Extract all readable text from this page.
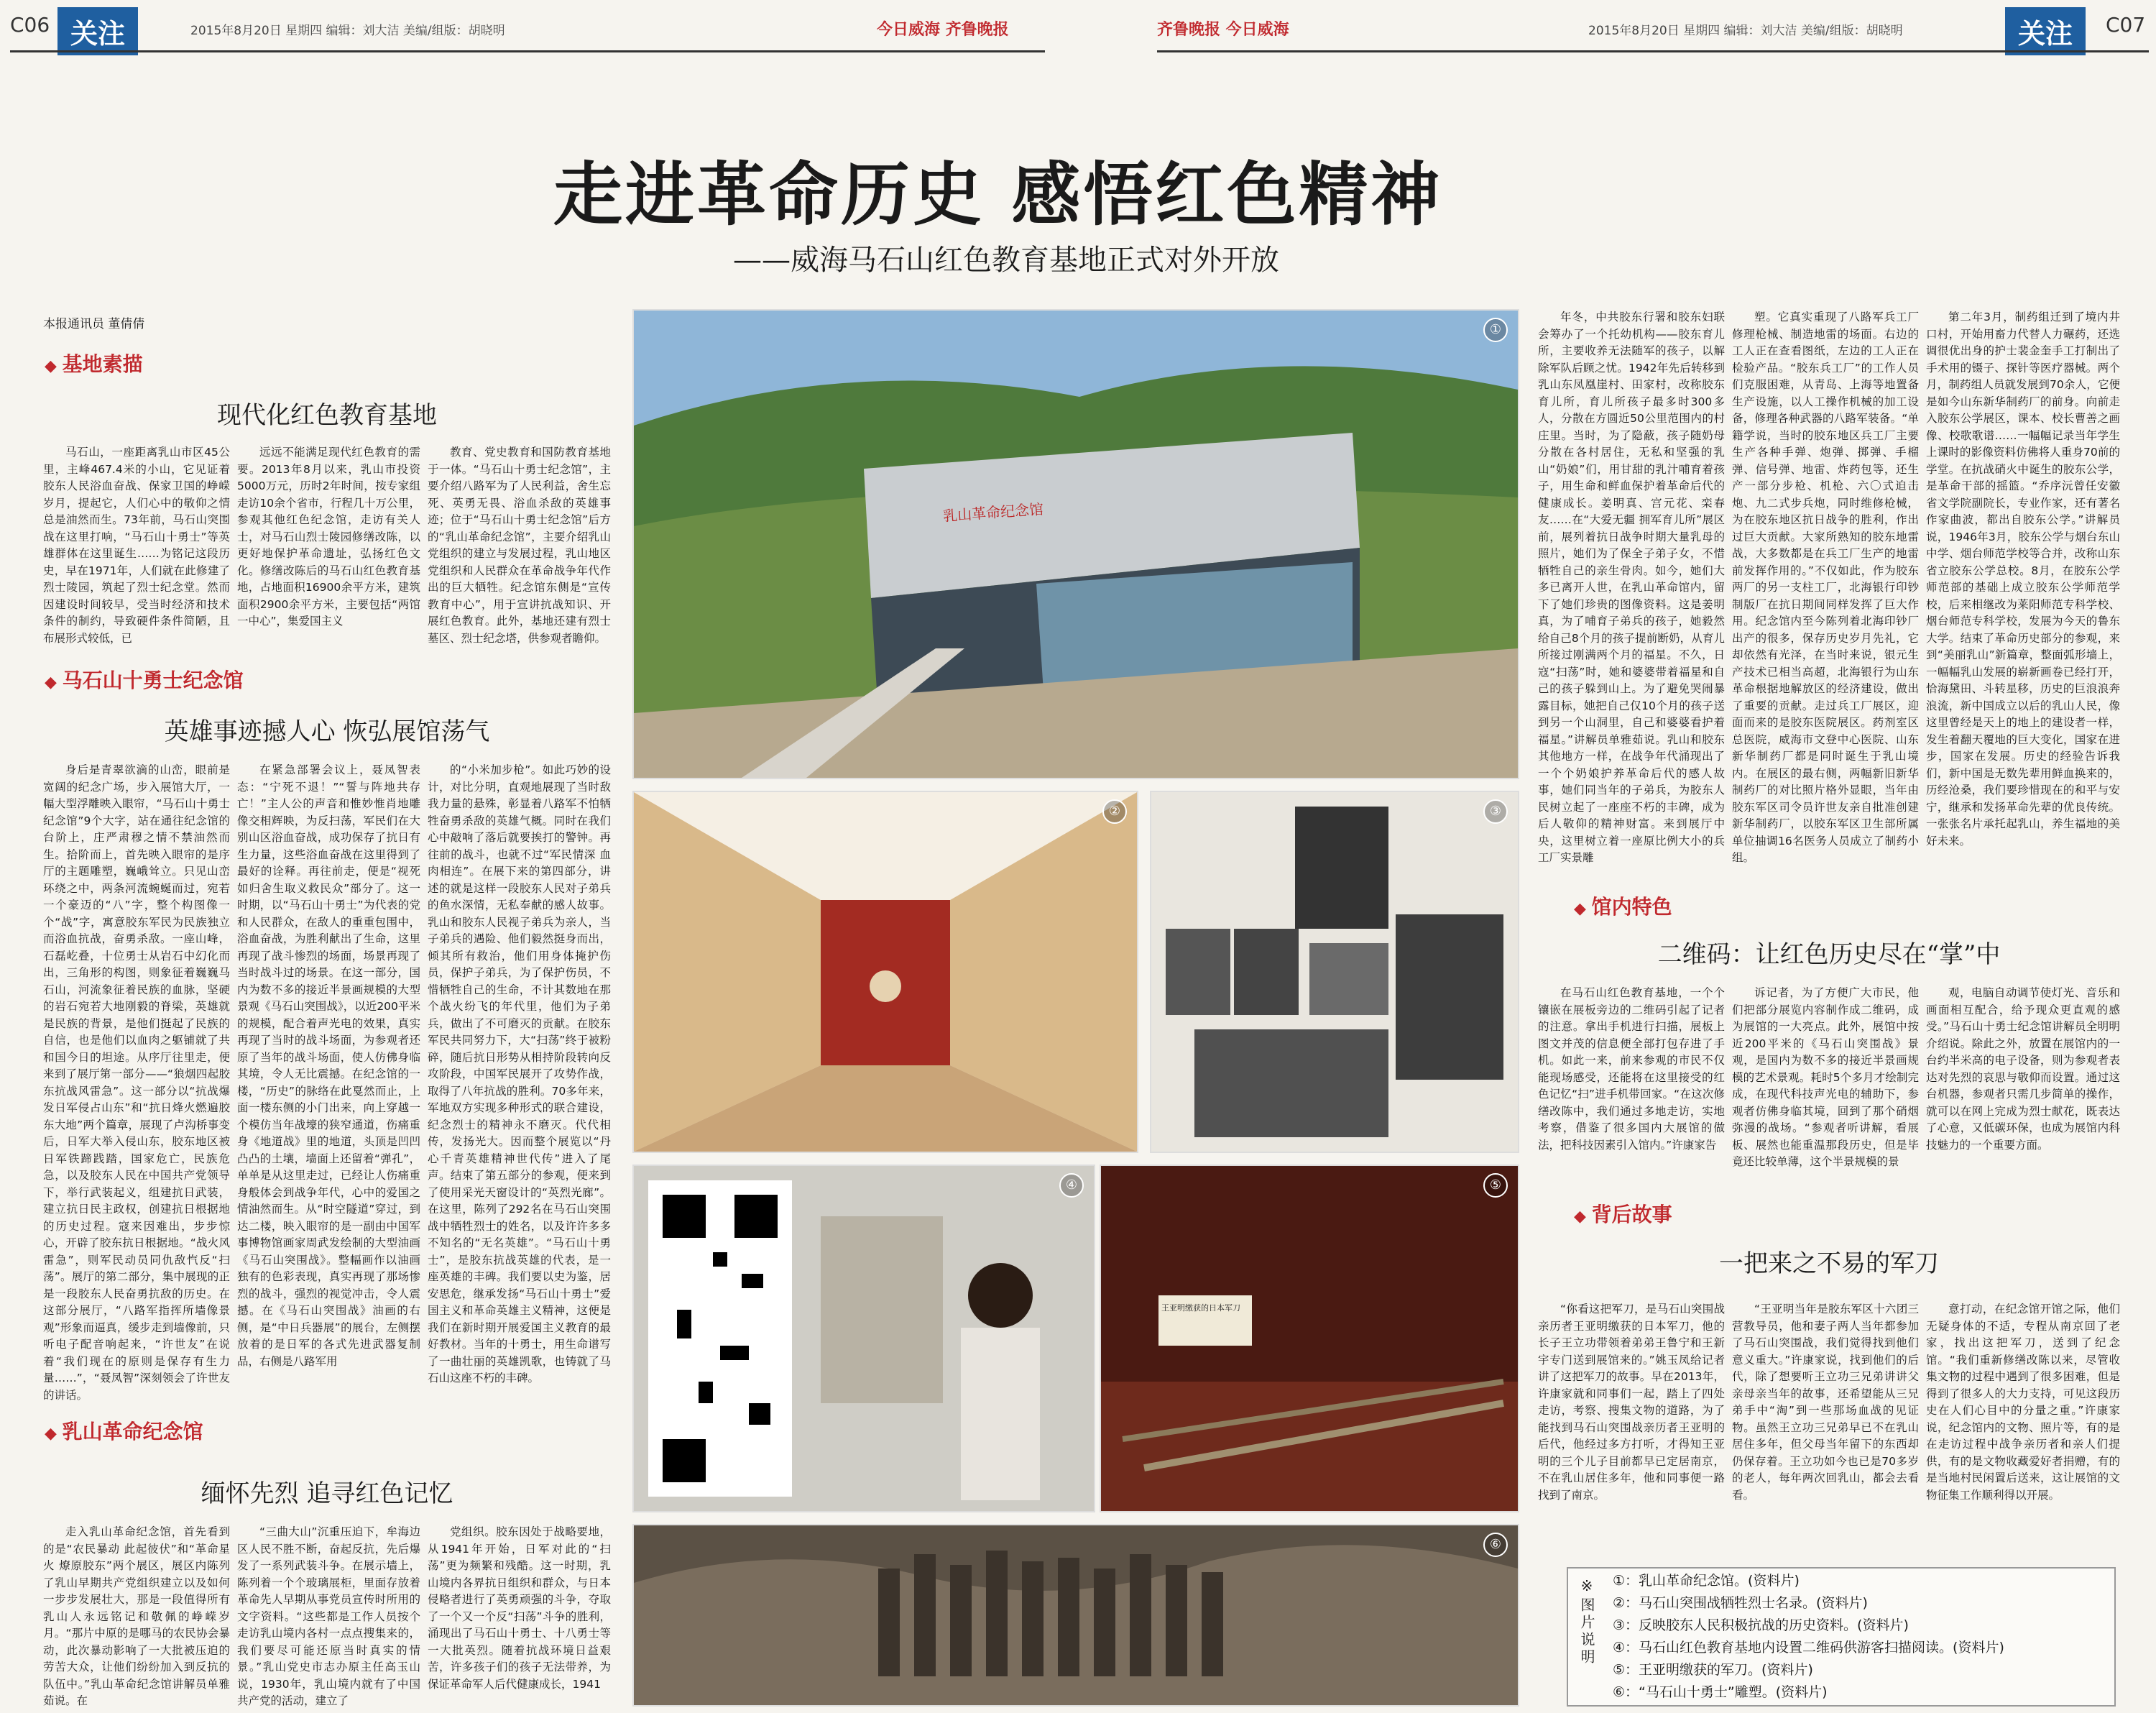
C06 关注	2015年8月20日 星期四 编辑：刘大洁 美编/组版：胡晓明	今日威海 齐鲁晚报	齐鲁晚报 今日威海	2015年8月20日 星期四 编辑：刘大洁 美编/组版：胡晓明	关注	C07
走进革命历史 感悟红色精神
——威海马石山红色教育基地正式对外开放
本报通讯员 董倩倩
◆ 基地素描
现代化红色教育基地

马石山，一座距离乳山市区45公里，主峰467.4米的小山，它见证着胶东人民浴血奋战、保家卫国的峥嵘岁月，提起它，人们心中的敬仰之情总是油然而生。73年前，马石山突围战在这里打响，“马石山十勇士”等英雄群体在这里诞生……为铭记这段历史，早在1971年，人们就在此修建了烈士陵园，筑起了烈士纪念堂。然而因建设时间较早，受当时经济和技术条件的制约，导致硬件条件简陋，且布展形式较低，已

远远不能满足现代红色教育的需要。2013年8月以来，乳山市投资5000万元，历时2年时间，按专家组走访10余个省市，行程几十万公里，参观其他红色纪念馆，走访有关人士，对马石山烈士陵园修缮改陈，以更好地保护革命遗址，弘扬红色文化。修缮改陈后的马石山红色教育基地，占地面积16900余平方米，建筑面积2900余平方米，主要包括“两馆一中心”，集爱国主义

教育、党史教育和国防教育基地于一体。“马石山十勇士纪念馆”，主要介绍八路军为了人民利益，舍生忘死、英勇无畏、浴血杀敌的英雄事迹；位于“马石山十勇士纪念馆”后方的“乳山革命纪念馆”，主要介绍乳山党组织的建立与发展过程，乳山地区党组织和人民群众在革命战争年代作出的巨大牺牲。纪念馆东侧是“宣传教育中心”，用于宣讲抗战知识、开展红色教育。此外，基地还建有烈士墓区、烈士纪念塔，供参观者瞻仰。

◆ 马石山十勇士纪念馆
英雄事迹撼人心 恢弘展馆荡气

身后是青翠欲滴的山峦，眼前是宽阔的纪念广场，步入展馆大厅，一幅大型浮雕映入眼帘，“马石山十勇士纪念馆”9个大字，站在通往纪念馆的台阶上，庄严肃穆之情不禁油然而生。拾阶而上，首先映入眼帘的是序厅的主题雕塑，巍峨耸立。只见山峦环绕之中，两条河流蜿蜒而过，宛若一个豪迈的“八”字，整个构图像一个“战”字，寓意胶东军民为民族独立而浴血抗战，奋勇杀敌。一座山峰，石磊屹叠，十位勇士从岩石中幻化而出，三角形的构图，则象征着巍巍马石山，河流象征着民族的血脉，坚硬的岩石宛若大地刚毅的脊梁，英雄就是民族的背景，是他们挺起了民族的自信，也是他们以血肉之躯铺就了共和国今日的坦途。从序厅往里走，便来到了展厅第一部分——“狼烟四起胶东抗战风雷急”。这一部分以“抗战爆发日军侵占山东”和“抗日烽火燃遍胶东大地”两个篇章，展现了卢沟桥事变后，日军大举入侵山东，胶东地区被日军铁蹄践踏，国家危亡，民族危急，以及胶东人民在中国共产党领导下，举行武装起义，组建抗日武装，建立抗日民主政权，创建抗日根据地的历史过程。寇来因难出，步步惊心，开辟了胶东抗日根据地。“战火风雷急”，则军民动员同仇敌忾反“扫荡”。展厅的第二部分，集中展现的正是一段胶东人民奋勇抗敌的历史。在这部分展厅，“八路军指挥所墙像景观”形象而逼真，缓步走到墙像前，只听电子配音响起来，“许世友”在说着“我们现在的原则是保存有生力量……”，“聂凤智”深刻领会了许世友的讲话。

在紧急部署会议上，聂凤智表态：“宁死不退！”“誓与阵地共存亡！”主人公的声音和惟妙惟肖地雕像交相辉映，为反扫荡，军民们在大别山区浴血奋战，成功保存了抗日有生力量，这些浴血奋战在这里得到了最好的诠释。再往前走，便是“视死如归舍生取义救民众”部分了。这一时期，以“马石山十勇士”为代表的党和人民群众，在敌人的重重包围中，浴血奋战，为胜利献出了生命，这里再现了战斗惨烈的场面，场景再现了当时战斗过的场景。在这一部分，国内为数不多的接近半景画规模的大型景观《马石山突围战》，以近200平米的规模，配合着声光电的效果，真实再现了当时的战斗场面，为参观者还原了当年的战斗场面，使人仿佛身临其境，令人无比震撼。在纪念馆的一楼，“历史”的脉络在此戛然而止，上面一楼东侧的小门出来，向上穿越一个模仿当年战壕的狭窄通道，伤痛重身《地道战》里的地道，头顶是凹凹凸凸的土壤，墙面上还留着“弹孔”，单单是从这里走过，已经让人伤痛重身般体会到战争年代，心中的爱国之情油然而生。从“时空隧道”穿过，到达二楼，映入眼帘的是一副由中国军事博物馆画家周武发绘制的大型油画《马石山突围战》。整幅画作以油画独有的色彩表现，真实再现了那场惨烈的战斗，强烈的视觉冲击，令人震撼。在《马石山突围战》油画的右侧，是“中日兵器展”的展台，左侧摆放着的是日军的各式先进武器复制品，右侧是八路军用

的“小米加步枪”。如此巧妙的设计，对比分明，直观地展现了当时敌我力量的悬殊，彰显着八路军不怕牺牲奋勇杀敌的英雄气概。同时在我们心中敲响了落后就要挨打的警钟。再往前的战斗，也就不过“军民情深 血肉相连”。在展下来的第四部分，讲述的就是这样一段胶东人民对子弟兵的鱼水深情，无私奉献的感人故事。乳山和胶东人民视子弟兵为亲人，当子弟兵的遇险、他们毅然挺身而出，倾其所有救治，他们用身体掩护伤员，保护子弟兵，为了保护伤员，不惜牺牲自己的生命，不计其数地在那个战火纷飞的年代里，他们为子弟兵，做出了不可磨灭的贡献。在胶东军民共同努力下，大“扫荡”终于被粉碎，随后抗日形势从相持阶段转向反攻阶段，中国军民展开了攻势作战，取得了八年抗战的胜利。70多年来，军地双方实现多种形式的联合建设，纪念烈士的精神永不磨灭。代代相传，发扬光大。因而整个展览以“丹心千青英雄精神世代传”进入了尾声。结束了第五部分的参观，便来到了使用采光天窗设计的“英烈光廊”。在这里，陈列了292名在马石山突围战中牺牲烈士的姓名，以及许许多多不知名的“无名英雄”。“马石山十勇士”，是胶东抗战英雄的代表，是一座英雄的丰碑。我们要以史为鉴，居安思危，继承发扬“马石山十勇士”爱国主义和革命英雄主义精神，这便是我们在新时期开展爱国主义教育的最好教材。当年的十勇士，用生命谱写了一曲壮丽的英雄凯歌，也铸就了马石山这座不朽的丰碑。

◆ 乳山革命纪念馆
缅怀先烈 追寻红色记忆

走入乳山革命纪念馆，首先看到的是“农民暴动 此起彼伏”和“革命星火 燎原胶东”两个展区，展区内陈列了乳山早期共产党组织建立以及如何一步步发展壮大，那是一段值得所有乳山人永远铭记和敬佩的峥嵘岁月。“那片中原的是哪马的农民协会暴动，此次暴动影响了一大批被压迫的劳苦大众，让他们纷纷加入到反抗的队伍中。”乳山革命纪念馆讲解员单雅茹说。在

“三曲大山”沉重压迫下，牟海边区人民不胜不断，奋起反抗，先后爆发了一系列武装斗争。在展示墙上，陈列着一个个玻璃展柜，里面存放着革命先人早期从事党员宣传时所用的文字资料。“这些都是工作人员按个走访乳山境内各村一点点搜集来的，我们要尽可能还原当时真实的情景。”乳山党史市志办原主任高玉山说，1930年，乳山境内就有了中国共产党的活动，建立了

党组织。胶东因处于战略要地，从1941年开始，日军对此的“扫荡”更为频繁和残酷。这一时期，乳山境内各界抗日组织和群众，与日本侵略者进行了英勇顽强的斗争，夺取了一个又一个反“扫荡”斗争的胜利，涌现出了马石山十勇士、十八勇士等一大批英烈。随着抗战环境日益艰苦，许多孩子们的孩子无法带养，为保证革命军人后代健康成长，1941

乳山革命纪念馆
①
②	③
④
王亚明缴获的日本军刀
⑤
⑥

年冬，中共胶东行署和胶东妇联会筹办了一个托幼机构——胶东育儿所，主要收养无法随军的孩子，以解除军队后顾之忧。1942年先后转移到乳山东凤凰崖村、田家村，改称胶东育儿所，育儿所孩子最多时300多人，分散在方圆近50公里范围内的村庄里。当时，为了隐蔽，孩子随奶母分散在各村居住，无私和坚强的乳山“奶娘”们，用甘甜的乳汁哺育着孩子，用生命和鲜血保护着革命后代的健康成长。姜明真、宫元花、栾春友……在“大爱无疆 拥军育儿所”展区前，展列着抗日战争时期大量乳母的照片，她们为了保全子弟子女，不惜牺牲自己的亲生骨肉。如今，她们大多已离开人世，在乳山革命馆内，留下了她们珍贵的图像资料。这是姜明真，为了哺育子弟兵的孩子，她毅然给自己8个月的孩子提前断奶，从育儿所接过刚满两个月的福星。不久，日寇“扫荡”时，她和婆婆带着福星和自己的孩子躲到山上。为了避免哭闹暴露目标，她把自己仅10个月的孩子送到另一个山洞里，自己和婆婆看护着福星。”讲解员单雅茹说。乳山和胶东其他地方一样，在战争年代涌现出了一个个奶娘护养革命后代的感人故事，她们同当年的子弟兵，为胶东人民树立起了一座座不朽的丰碑，成为后人敬仰的精神财富。来到展厅中央，这里树立着一座原比例大小的兵工厂实景雕

塑。它真实重现了八路军兵工厂修理枪械、制造地雷的场面。右边的工人正在查看图纸，左边的工人正在检验产品。“胶东兵工厂”的工作人员们克服困难，从青岛、上海等地置备生产设施，以人工操作机械的加工设备，修理各种武器的八路军装备。“单籍学说，当时的胶东地区兵工厂主要生产各种手弹、炮弹、掷弹、手榴弹、信号弹、地雷、炸药包等，还生产一部分步枪、机枪、六〇式迫击炮、九二式步兵炮，同时维修枪械，为在胶东地区抗日战争的胜利，作出过巨大贡献。大家所熟知的胶东地雷战，大多数都是在兵工厂生产的地雷前发挥作用的。”不仅如此，作为胶东两厂的另一支柱工厂，北海银行印钞制版厂在抗日期间同样发挥了巨大作用。纪念馆内至今陈列着北海印钞厂出产的很多，保存历史岁月先礼，它却依然有光泽，在当时来说，银元生产技术已相当高超，北海银行为山东革命根据地解放区的经济建设，做出了重要的贡献。走过兵工厂展区，迎面而来的是胶东医院展区。药剂室区总医院，威海市文登中心医院、山东新华制药厂都是同时诞生于乳山境内。在展区的最右侧，两幅新旧新华制药厂的对比照片格外显眼，当年由胶东军区司令员许世友亲自批准创建新华制药厂，以胶东军区卫生部所属单位抽调16名医务人员成立了制药小组。

第二年3月，制药组迁到了境内井口村，开始用畜力代替人力碾药，还选调很优出身的护士裴金奎手工打制出了手术用的镊子、探针等医疗器械。两个月，制药组人员就发展到70余人，它便是如今山东新华制药厂的前身。向前走入胶东公学展区，课本、校长曹善之画像、校歌歌谱……一幅幅记录当年学生上课时的影像资料仿佛将人重身70前的学堂。在抗战硝火中诞生的胶东公学，是革命干部的摇篮。“乔序沅曾任安徽省文学院副院长，专业作家，还有著名作家曲波，都出自胶东公学。”讲解员说，1946年3月，胶东公学与烟台东山中学、烟台师范学校等合并，改称山东省立胶东公学总校。8月，在胶东公学师范部的基础上成立胶东公学师范学校，后来相继改为莱阳师范专科学校、烟台师范专科学校，发展为今天的鲁东大学。结束了革命历史部分的参观，来到“美丽乳山”新篇章，整面弧形墙上，一幅幅乳山发展的崭新画卷已经打开，恰海黛田、斗转星移，历史的巨浪浪奔浪流，新中国成立以后的乳山人民，像这里曾经是天上的地上的建设者一样，发生着翻天覆地的巨大变化，国家在进步，国家在发展。历史的经验告诉我们，新中国是无数先辈用鲜血换来的，历经沧桑，我们要珍惜现在的和平与安宁，继承和发扬革命先辈的优良传统。一张张名片承托起乳山，养生福地的美好未来。

◆ 馆内特色
二维码：让红色历史尽在“掌”中

在马石山红色教育基地，一个个镶嵌在展板旁边的二维码引起了记者的注意。拿出手机进行扫描，展板上图文并茂的信息便全部打包存进了手机。如此一来，前来参观的市民不仅能现场感受，还能将在这里接受的红色记忆“扫”进手机带回家。“在这次修缮改陈中，我们通过多地走访，实地考察，借鉴了很多国内大展馆的做法，把科技因素引入馆内。”许康家告

诉记者，为了方便广大市民，他们把部分展览内容制作成二维码，成为展馆的一大亮点。此外，展馆中按近200平米的《马石山突围战》景观，是国内为数不多的接近半景画规模的艺术景观。耗时5个多月才绘制完成，在现代科技声光电的辅助下，参观者仿佛身临其境，回到了那个硝烟弥漫的战场。“参观者听讲解，看展板、展然也能重温那段历史，但是毕竟还比较单薄，这个半景规模的景

观，电脑自动调节使灯光、音乐和画面相互配合，给予现众更直观的感受。”马石山十勇士纪念馆讲解员全明明介绍说。除此之外，放置在展馆内的一台约半米高的电子设备，则为参观者表达对先烈的哀思与敬仰而设置。通过这台机器，参观者只需几步简单的操作，就可以在网上完成为烈士献花，既表达了心意，又低碳环保，也成为展馆内科技魅力的一个重要方面。

◆ 背后故事
一把来之不易的军刀

“你看这把军刀，是马石山突围战亲历者王亚明缴获的日本军刀，他的长子王立功带领着弟弟王鲁宁和王新宇专门送到展馆来的。”姚玉凤给记者讲了这把军刀的故事。早在2013年，许康家就和同事们一起，踏上了四处走访，考察、搜集文物的道路，为了能找到马石山突围战亲历者王亚明的后代，他经过多方打听，才得知王亚明的三个儿子目前都早已定居南京，不在乳山居住多年，他和同事便一路找到了南京。

“王亚明当年是胶东军区十六团三营教导员，他和妻子两人当年都参加了马石山突围战，我们觉得找到他们意义重大。”许康家说，找到他们的后代，除了想要听王立功三兄弟讲讲父亲母亲当年的故事，还希望能从三兄弟手中“淘”到一些那场血战的见证物。虽然王立功三兄弟早已不在乳山居住多年，但父母当年留下的东西却仍保存着。王立功如今也已是70多岁的老人，每年两次回乳山，都会去看看。

意打动，在纪念馆开馆之际，他们无疑身体的不适，专程从南京回了老家，找出这把军刀，送到了纪念馆。“我们重新修缮改陈以来，尽管收集文物的过程中遇到了很多困难，但是得到了很多人的大力支持，可见这段历史在人们心目中的分量之重。”许康家说，纪念馆内的文物、照片等，有的是在走访过程中战争亲历者和亲人们提供，有的是文物收藏爱好者捐赠，有的是当地村民闲置后送来，这让展馆的文物征集工作顺利得以开展。

※图片说明 ①：乳山革命纪念馆。(资料片)
②：马石山突围战牺牲烈士名录。(资料片)
③：反映胶东人民积极抗战的历史资料。(资料片)
④：马石山红色教育基地内设置二维码供游客扫描阅读。(资料片)
⑤：王亚明缴获的军刀。(资料片)
⑥：“马石山十勇士”雕塑。(资料片)
